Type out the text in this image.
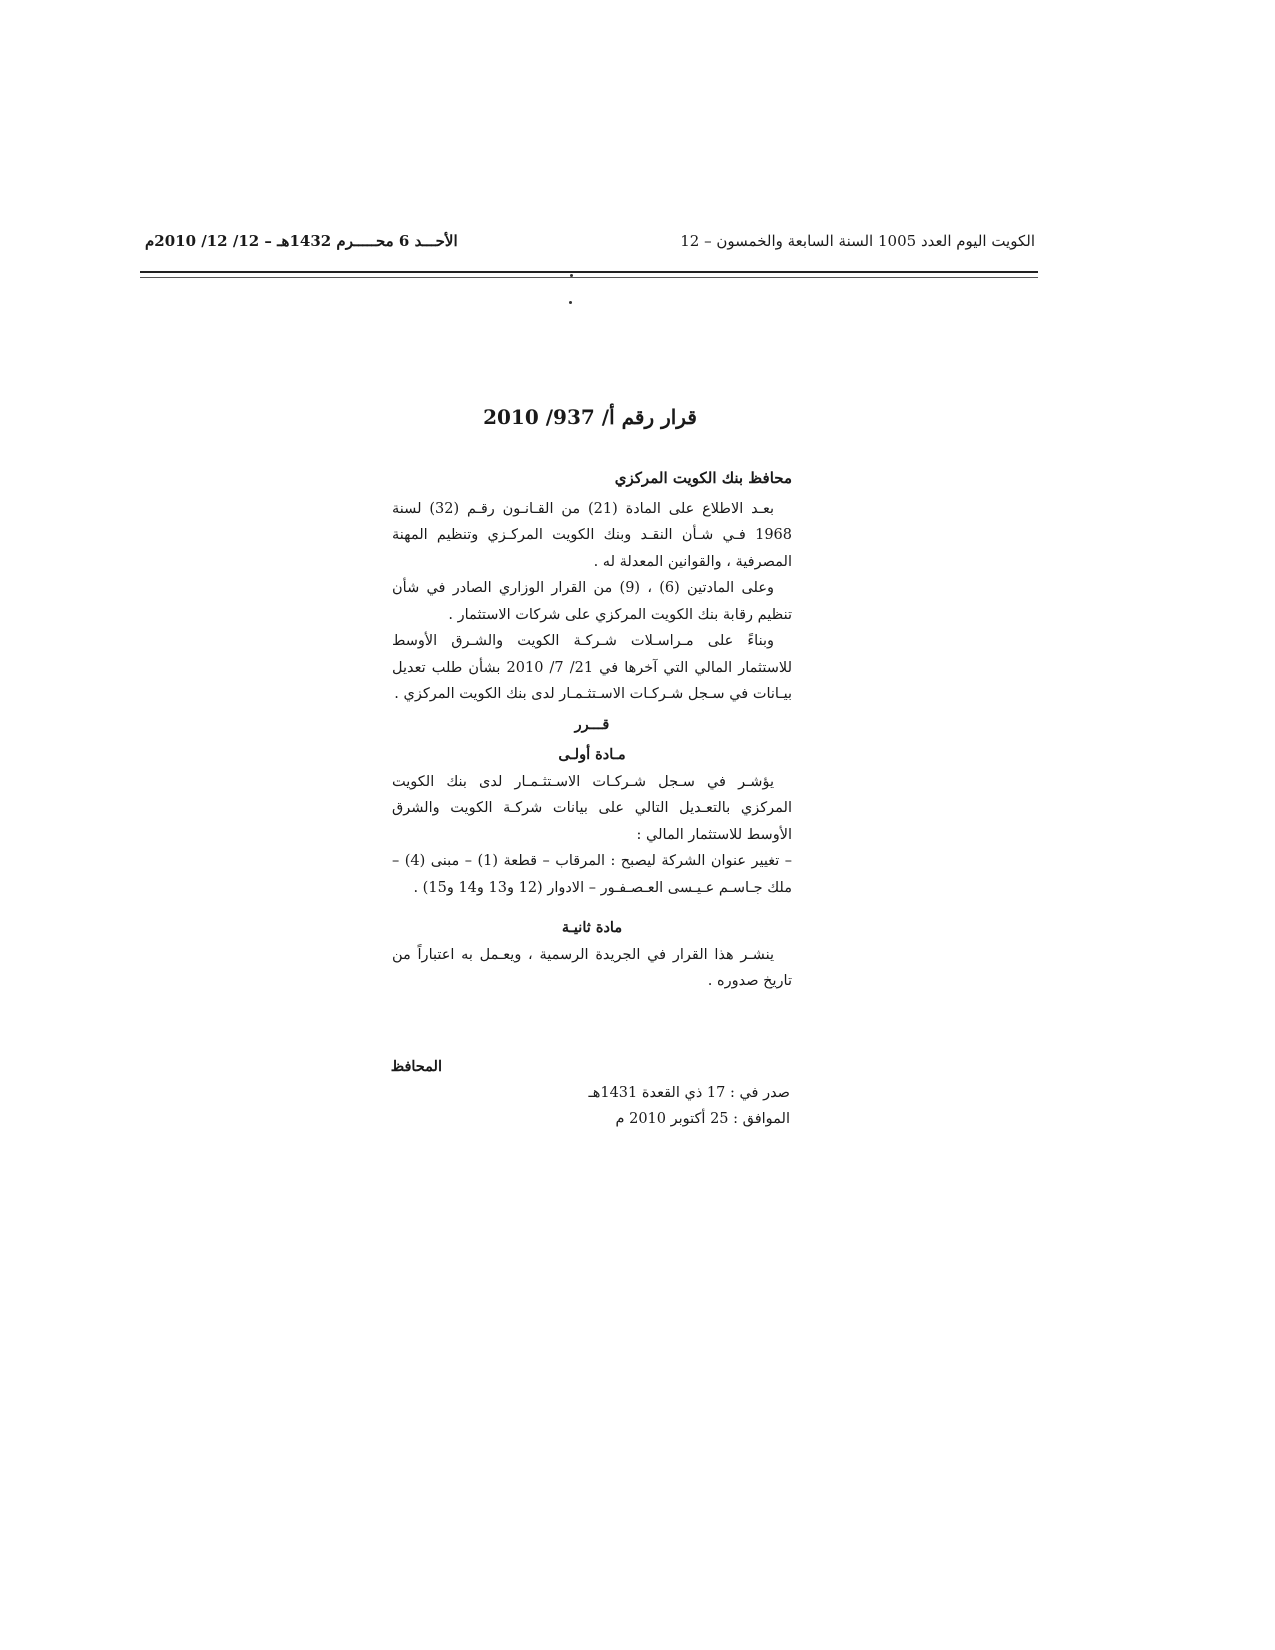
الكويت اليوم العدد 1005 السنة السابعة والخمسون – 12
الأحـــد 6 محـــــرم 1432هـ – 12/ 12/ 2010م
قرار رقم أ/ 937/ 2010

محافظ بنك الكويت المركزي

بعـد الاطلاع على المادة (21) من القـانـون رقـم (32) لسنة 1968 فـي شـأن النقـد وبنك الكويت المركـزي وتنظيم المهنة المصرفية ، والقوانين المعدلة له .

وعلى المادتين (6) ، (9) من القرار الوزاري الصادر في شأن تنظيم رقابة بنك الكويت المركزي على شركات الاستثمار .

وبناءً على مـراسـلات شـركـة الكويت والشـرق الأوسط للاستثمار المالي التي آخرها في 21/ 7/ 2010 بشأن طلب تعديل بيـانات في سـجل شـركـات الاسـتثـمـار لدى بنك الكويت المركزي .

قـــرر

مـادة أولـى

يؤشـر في سـجل شـركـات الاسـتثـمـار لدى بنك الكويت المركزي بالتعـديل التالي على بيانات شركـة الكويت والشرق الأوسط للاستثمار المالي :

– تغيير عنوان الشركة ليصبح : المرقاب – قطعة (1) – مبنى (4) – ملك جـاسـم عـيـسى العـصـفـور – الادوار (12 و13 و14 و15) .

مادة ثانيـة

ينشـر هذا القرار في الجريدة الرسمية ، ويعـمل به اعتباراً من تاريخ صدوره .

المحافظ
صدر في : 17 ذي القعدة 1431هـ
الموافق : 25 أكتوبر 2010 م
